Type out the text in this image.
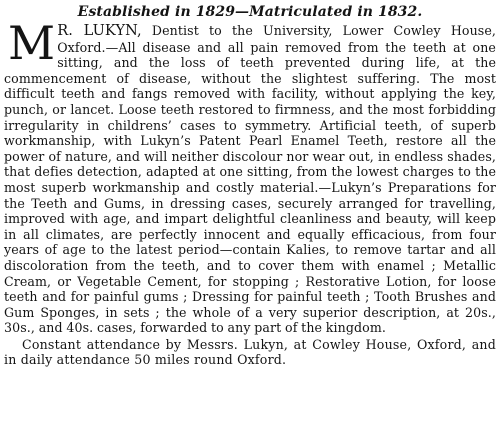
Established in 1829—Matriculated in 1832.

M R. LUKYN, Dentist to the University, Lower Cowley House, Oxford.—All disease and all pain removed from the teeth at one sitting, and the loss of teeth prevented during life, at the commencement of disease, without the slightest suffering. The most difficult teeth and fangs removed with facility, without applying the key, punch, or lancet. Loose teeth restored to firmness, and the most forbidding irregularity in childrens’ cases to symmetry. Artificial teeth, of superb workmanship, with Lukyn’s Patent Pearl Enamel Teeth, restore all the power of nature, and will neither discolour nor wear out, in endless shades, that defies detection, adapted at one sitting, from the lowest charges to the most superb workmanship and costly material.—Lukyn’s Preparations for the Teeth and Gums, in dressing cases, securely arranged for travelling, improved with age, and impart delightful cleanliness and beauty, will keep in all climates, are perfectly innocent and equally efficacious, from four years of age to the latest period—contain Kalies, to remove tartar and all discoloration from the teeth, and to cover them with enamel ; Metallic Cream, or Vegetable Cement, for stopping ; Restorative Lotion, for loose teeth and for painful gums ; Dressing for painful teeth ; Tooth Brushes and Gum Sponges, in sets ; the whole of a very superior description, at 20s., 30s., and 40s. cases, forwarded to any part of the kingdom.

Constant attendance by Messrs. Lukyn, at Cowley House, Oxford, and in daily attendance 50 miles round Oxford.
